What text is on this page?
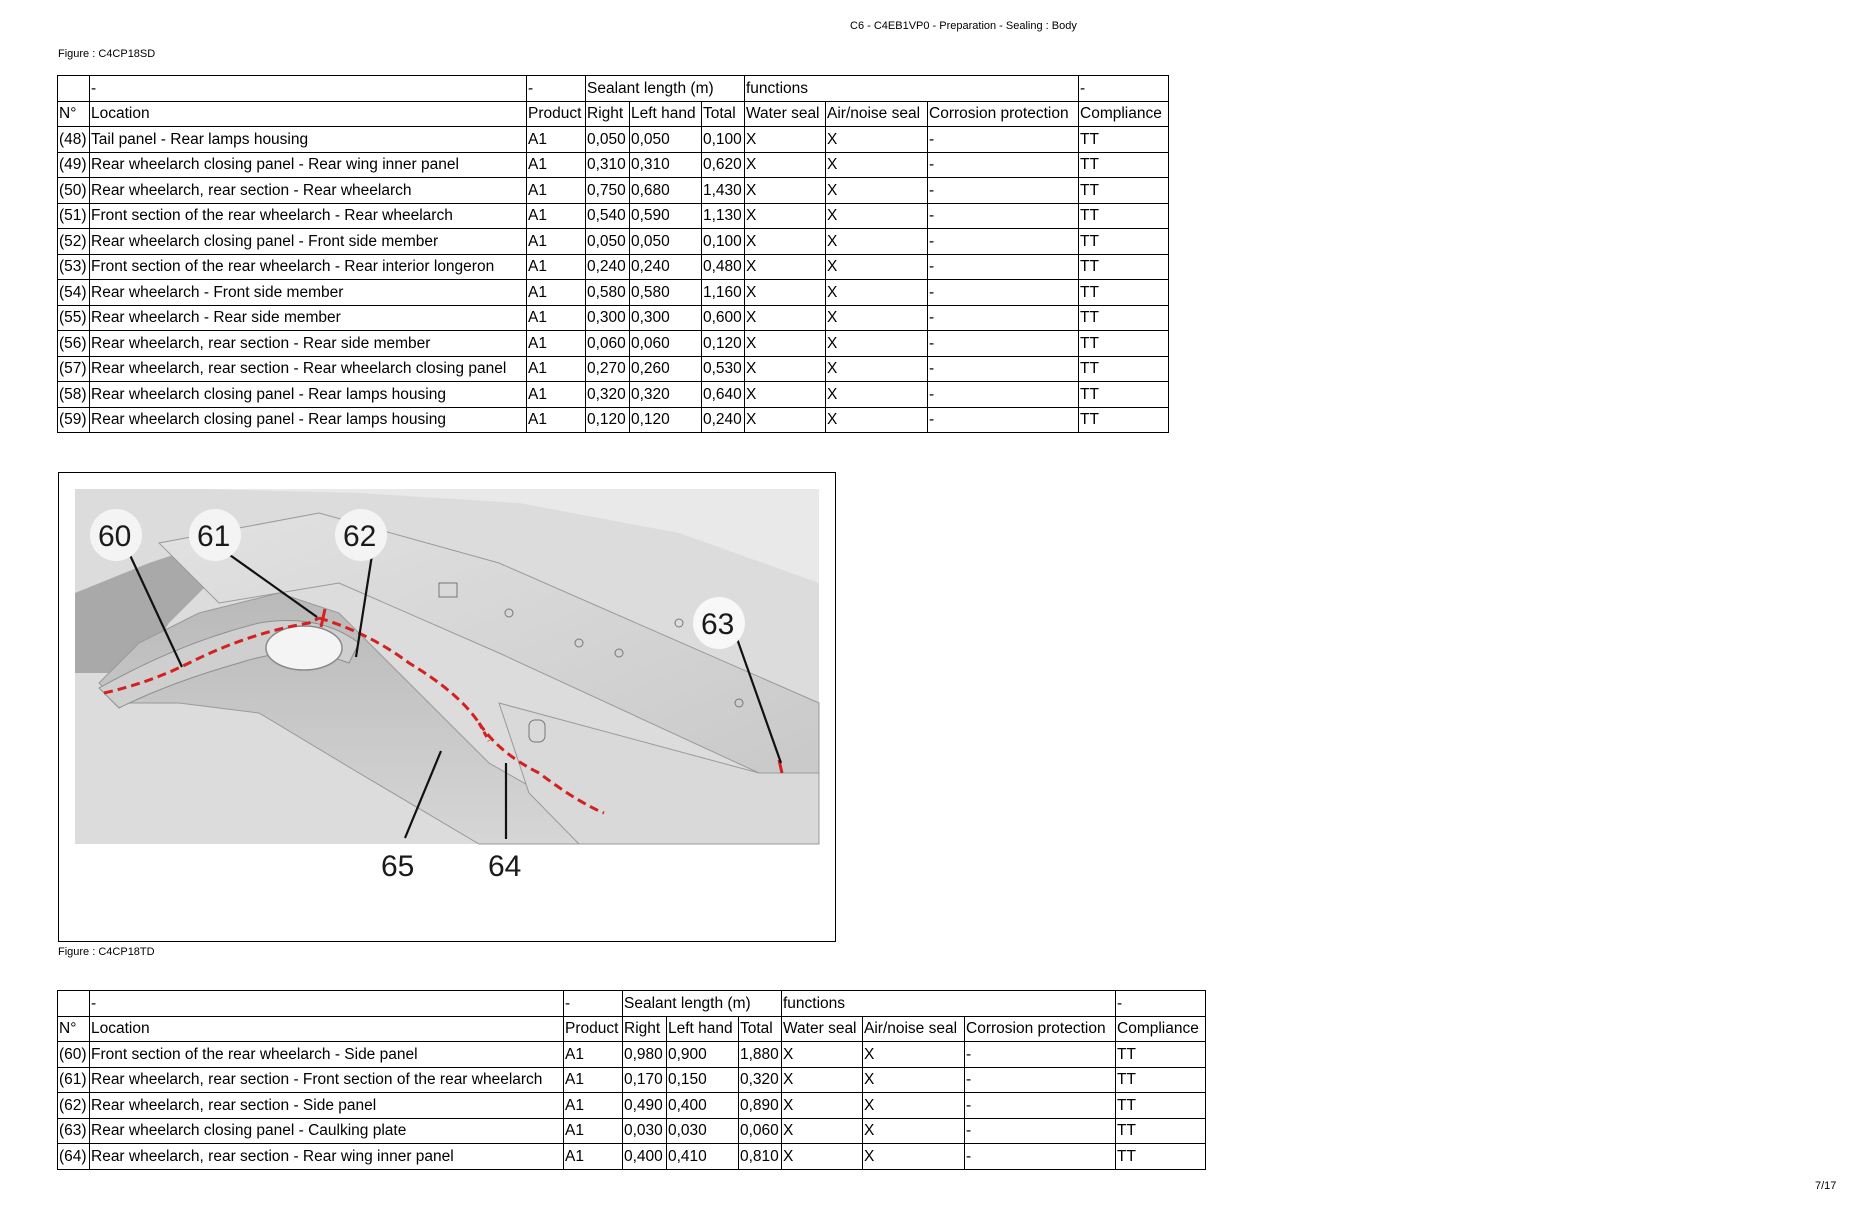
C6 - C4EB1VP0 - Preparation - Sealing : Body
Figure : C4CP18SD
	-	-	Sealant length (m)			functions			-
N°	Location	Product	Right	Left hand	Total	Water seal	Air/noise seal	Corrosion protection	Compliance
(48)	Tail panel - Rear lamps housing	A1	0,050	0,050	0,100	X	X	-	TT
(49)	Rear wheelarch closing panel - Rear wing inner panel	A1	0,310	0,310	0,620	X	X	-	TT
(50)	Rear wheelarch, rear section - Rear wheelarch	A1	0,750	0,680	1,430	X	X	-	TT
(51)	Front section of the rear wheelarch - Rear wheelarch	A1	0,540	0,590	1,130	X	X	-	TT
(52)	Rear wheelarch closing panel - Front side member	A1	0,050	0,050	0,100	X	X	-	TT
(53)	Front section of the rear wheelarch - Rear interior longeron	A1	0,240	0,240	0,480	X	X	-	TT
(54)	Rear wheelarch - Front side member	A1	0,580	0,580	1,160	X	X	-	TT
(55)	Rear wheelarch - Rear side member	A1	0,300	0,300	0,600	X	X	-	TT
(56)	Rear wheelarch, rear section - Rear side member	A1	0,060	0,060	0,120	X	X	-	TT
(57)	Rear wheelarch, rear section - Rear wheelarch closing panel	A1	0,270	0,260	0,530	X	X	-	TT
(58)	Rear wheelarch closing panel - Rear lamps housing	A1	0,320	0,320	0,640	X	X	-	TT
(59)	Rear wheelarch closing panel - Rear lamps housing	A1	0,120	0,120	0,240	X	X	-	TT
60 61	62
63
64
65
Figure : C4CP18TD
	-	-	Sealant length (m)			functions			-
N°	Location	Product	Right	Left hand	Total	Water seal	Air/noise seal	Corrosion protection	Compliance
(60)	Front section of the rear wheelarch - Side panel	A1	0,980	0,900	1,880	X	X	-	TT
(61)	Rear wheelarch, rear section - Front section of the rear wheelarch	A1	0,170	0,150	0,320	X	X	-	TT
(62)	Rear wheelarch, rear section - Side panel	A1	0,490	0,400	0,890	X	X	-	TT
(63)	Rear wheelarch closing panel - Caulking plate	A1	0,030	0,030	0,060	X	X	-	TT
(64)	Rear wheelarch, rear section - Rear wing inner panel	A1	0,400	0,410	0,810	X	X	-	TT
7/17
